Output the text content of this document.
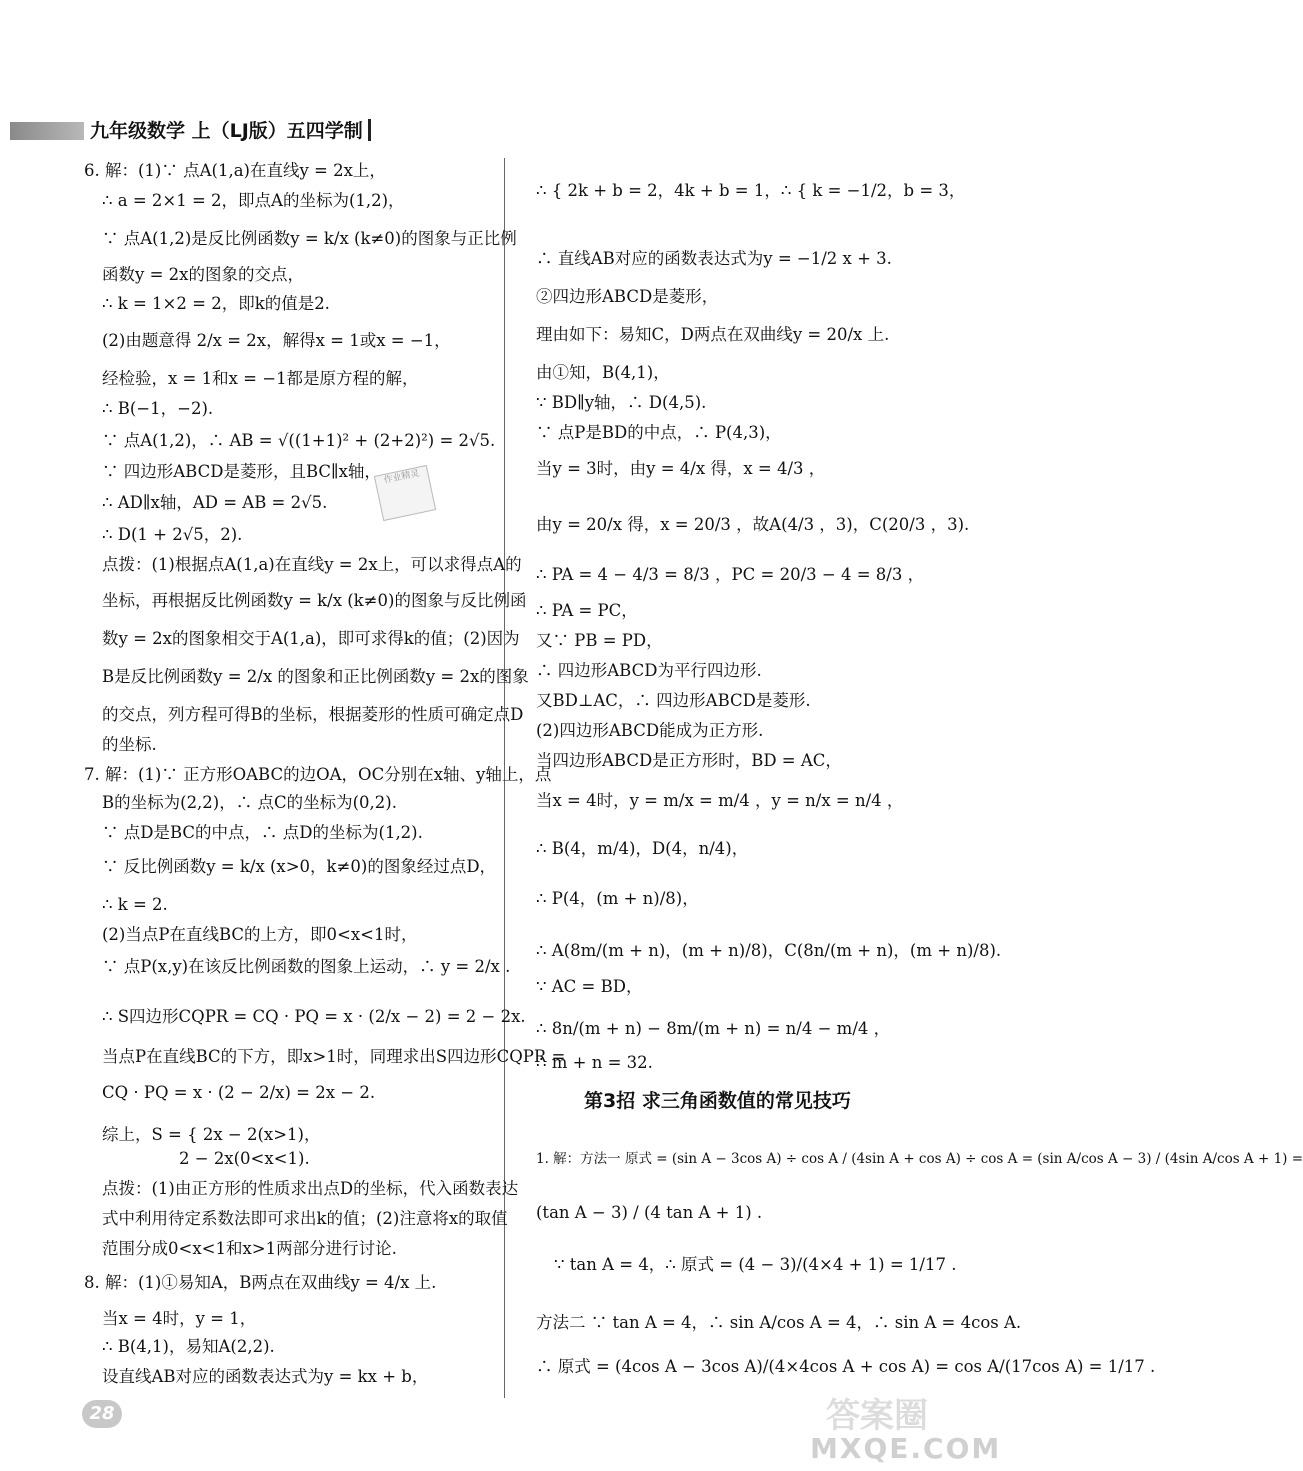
九年级数学 上（LJ版）五四学制
6. 解：(1)∵ 点A(1,a)在直线y = 2x上，
∴ a = 2×1 = 2，即点A的坐标为(1,2)，
∵ 点A(1,2)是反比例函数y = k/x (k≠0)的图象与正比例
函数y = 2x的图象的交点，
∴ k = 1×2 = 2，即k的值是2.
(2)由题意得 2/x = 2x，解得x = 1或x = −1，
经检验，x = 1和x = −1都是原方程的解，
∴ B(−1，−2).
∵ 点A(1,2)，∴ AB = √((1+1)² + (2+2)²) = 2√5.
∵ 四边形ABCD是菱形，且BC∥x轴，
∴ AD∥x轴，AD = AB = 2√5.
∴ D(1 + 2√5，2).
点拨：(1)根据点A(1,a)在直线y = 2x上，可以求得点A的
坐标，再根据反比例函数y = k/x (k≠0)的图象与反比例函
数y = 2x的图象相交于A(1,a)，即可求得k的值；(2)因为
B是反比例函数y = 2/x 的图象和正比例函数y = 2x的图象
的交点，列方程可得B的坐标，根据菱形的性质可确定点D
的坐标.
7. 解：(1)∵ 正方形OABC的边OA，OC分别在x轴、y轴上，点
B的坐标为(2,2)，∴ 点C的坐标为(0,2).
∵ 点D是BC的中点，∴ 点D的坐标为(1,2).
∵ 反比例函数y = k/x (x>0，k≠0)的图象经过点D，
∴ k = 2.
(2)当点P在直线BC的上方，即0<x<1时，
∵ 点P(x,y)在该反比例函数的图象上运动，∴ y = 2/x .
∴ S四边形CQPR = CQ · PQ = x · (2/x − 2) = 2 − 2x.
当点P在直线BC的下方，即x>1时，同理求出S四边形CQPR =
CQ · PQ = x · (2 − 2/x) = 2x − 2.
综上，S = { 2x − 2(x>1)，
2 − 2x(0<x<1).
点拨：(1)由正方形的性质求出点D的坐标，代入函数表达
式中利用待定系数法即可求出k的值；(2)注意将x的取值
范围分成0<x<1和x>1两部分进行讨论.
8. 解：(1)①易知A，B两点在双曲线y = 4/x 上.
当x = 4时，y = 1，
∴ B(4,1)，易知A(2,2).
设直线AB对应的函数表达式为y = kx + b，
∴ { 2k + b = 2，4k + b = 1，∴ { k = −1/2，b = 3，
∴ 直线AB对应的函数表达式为y = −1/2 x + 3.
②四边形ABCD是菱形，
理由如下：易知C，D两点在双曲线y = 20/x 上.
由①知，B(4,1)，
∵ BD∥y轴，∴ D(4,5).
∵ 点P是BD的中点，∴ P(4,3)，
当y = 3时，由y = 4/x 得，x = 4/3 ，
由y = 20/x 得，x = 20/3 ，故A(4/3 ，3)，C(20/3 ，3).
∴ PA = 4 − 4/3 = 8/3 ，PC = 20/3 − 4 = 8/3 ，
∴ PA = PC，
又∵ PB = PD，
∴ 四边形ABCD为平行四边形.
又BD⊥AC，∴ 四边形ABCD是菱形.
(2)四边形ABCD能成为正方形.
当四边形ABCD是正方形时，BD = AC，
当x = 4时，y = m/x = m/4 ，y = n/x = n/4 ，
∴ B(4，m/4)，D(4，n/4)，
∴ P(4，(m + n)/8)，
∴ A(8m/(m + n)，(m + n)/8)，C(8n/(m + n)，(m + n)/8).
∵ AC = BD，
∴ 8n/(m + n) − 8m/(m + n) = n/4 − m/4 ，
∴ m + n = 32.
第3招 求三角函数值的常见技巧
1. 解：方法一 原式 = (sin A − 3cos A) ÷ cos A / (4sin A + cos A) ÷ cos A = (sin A/cos A − 3) / (4sin A/cos A + 1) =
(tan A − 3) / (4 tan A + 1) .
∵ tan A = 4，∴ 原式 = (4 − 3)/(4×4 + 1) = 1/17 .
方法二 ∵ tan A = 4，∴ sin A/cos A = 4，∴ sin A = 4cos A.
∴ 原式 = (4cos A − 3cos A)/(4×4cos A + cos A) = cos A/(17cos A) = 1/17 .
作业精灵
28	答案圈
MXQE.COM
